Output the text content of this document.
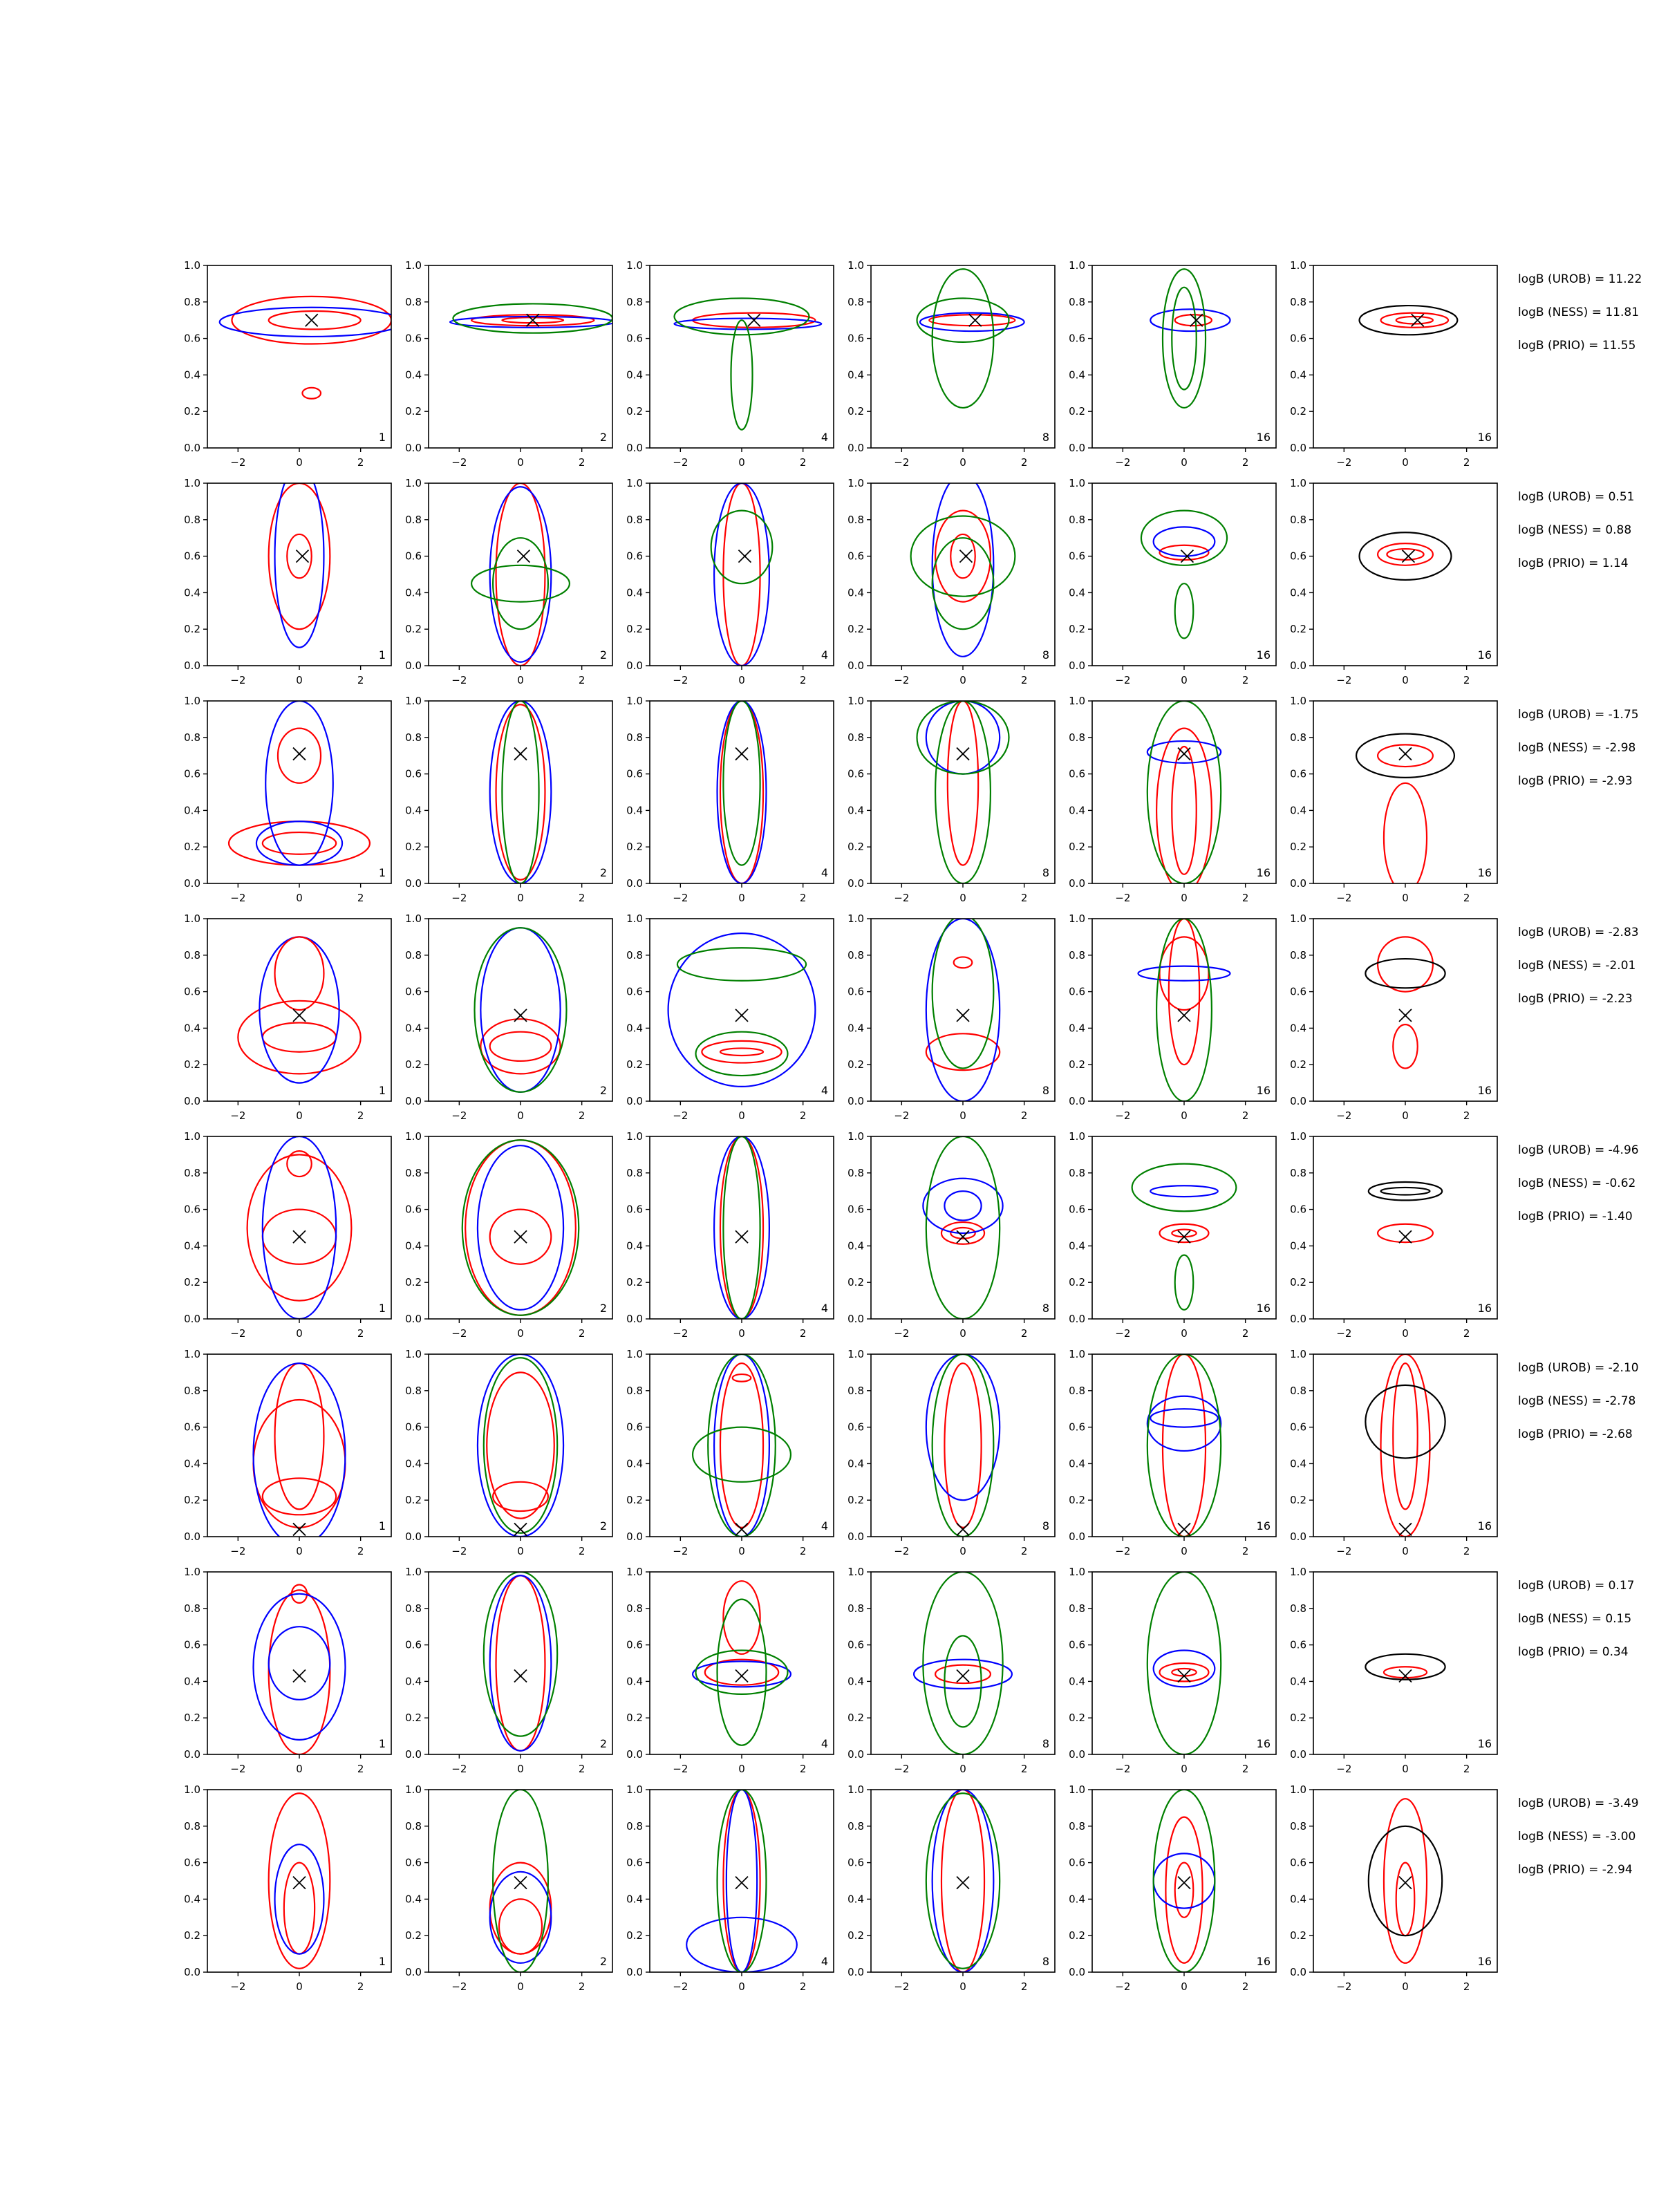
0.0
0.2
0.4
0.6
0.8
1.0
−2	0	2
1
0.0
0.2
0.4
0.6
0.8
1.0
−2	0	2
2
0.0
0.2
0.4
0.6
0.8
1.0
−2	0	2
4
0.0
0.2
0.4
0.6
0.8
1.0
−2	0	2
8
0.0
0.2
0.4
0.6
0.8
1.0
−2	0	2
16
0.0
0.2
0.4
0.6
0.8
1.0
−2	0	2
16
logB (UROB) = 11.22
logB (NESS) = 11.81
logB (PRIO) = 11.55
0.0
0.2
0.4
0.6
0.8
1.0
−2	0	2
1
0.0
0.2
0.4
0.6
0.8
1.0
−2	0	2
2
0.0
0.2
0.4
0.6
0.8
1.0
−2	0	2
4
0.0
0.2
0.4
0.6
0.8
1.0
−2	0	2
8
0.0
0.2
0.4
0.6
0.8
1.0
−2	0	2
16
0.0
0.2
0.4
0.6
0.8
1.0
−2	0	2
16
logB (UROB) = 0.51
logB (NESS) = 0.88
logB (PRIO) = 1.14
0.0
0.2
0.4
0.6
0.8
1.0
−2	0	2
1
0.0
0.2
0.4
0.6
0.8
1.0
−2	0	2
2
0.0
0.2
0.4
0.6
0.8
1.0
−2	0	2
4
0.0
0.2
0.4
0.6
0.8
1.0
−2	0	2
8
0.0
0.2
0.4
0.6
0.8
1.0
−2	0	2
16
0.0
0.2
0.4
0.6
0.8
1.0
−2	0	2
16
logB (UROB) = -1.75
logB (NESS) = -2.98
logB (PRIO) = -2.93
0.0
0.2
0.4
0.6
0.8
1.0
−2	0	2
1
0.0
0.2
0.4
0.6
0.8
1.0
−2	0	2
2
0.0
0.2
0.4
0.6
0.8
1.0
−2	0	2
4
0.0
0.2
0.4
0.6
0.8
1.0
−2	0	2
8
0.0
0.2
0.4
0.6
0.8
1.0
−2	0	2
16
0.0
0.2
0.4
0.6
0.8
1.0
−2	0	2
16
logB (UROB) = -2.83
logB (NESS) = -2.01
logB (PRIO) = -2.23
0.0
0.2
0.4
0.6
0.8
1.0
−2	0	2
1
0.0
0.2
0.4
0.6
0.8
1.0
−2	0	2
2
0.0
0.2
0.4
0.6
0.8
1.0
−2	0	2
4
0.0
0.2
0.4
0.6
0.8
1.0
−2	0	2
8
0.0
0.2
0.4
0.6
0.8
1.0
−2	0	2
16
0.0
0.2
0.4
0.6
0.8
1.0
−2	0	2
16
logB (UROB) = -4.96
logB (NESS) = -0.62
logB (PRIO) = -1.40
0.0
0.2
0.4
0.6
0.8
1.0
−2	0	2
1
0.0
0.2
0.4
0.6
0.8
1.0
−2	0	2
2
0.0
0.2
0.4
0.6
0.8
1.0
−2	0	2
4
0.0
0.2
0.4
0.6
0.8
1.0
−2	0	2
8
0.0
0.2
0.4
0.6
0.8
1.0
−2	0	2
16
0.0
0.2
0.4
0.6
0.8
1.0
−2	0	2
16
logB (UROB) = -2.10
logB (NESS) = -2.78
logB (PRIO) = -2.68
0.0
0.2
0.4
0.6
0.8
1.0
−2	0	2
1
0.0
0.2
0.4
0.6
0.8
1.0
−2	0	2
2
0.0
0.2
0.4
0.6
0.8
1.0
−2	0	2
4
0.0
0.2
0.4
0.6
0.8
1.0
−2	0	2
8
0.0
0.2
0.4
0.6
0.8
1.0
−2	0	2
16
0.0
0.2
0.4
0.6
0.8
1.0
−2	0	2
16
logB (UROB) = 0.17
logB (NESS) = 0.15
logB (PRIO) = 0.34
0.0
0.2
0.4
0.6
0.8
1.0
−2	0	2
1
0.0
0.2
0.4
0.6
0.8
1.0
−2	0	2
2
0.0
0.2
0.4
0.6
0.8
1.0
−2	0	2
4
0.0
0.2
0.4
0.6
0.8
1.0
−2	0	2
8
0.0
0.2
0.4
0.6
0.8
1.0
−2	0	2
16
0.0
0.2
0.4
0.6
0.8
1.0
−2	0	2
16
logB (UROB) = -3.49
logB (NESS) = -3.00
logB (PRIO) = -2.94
